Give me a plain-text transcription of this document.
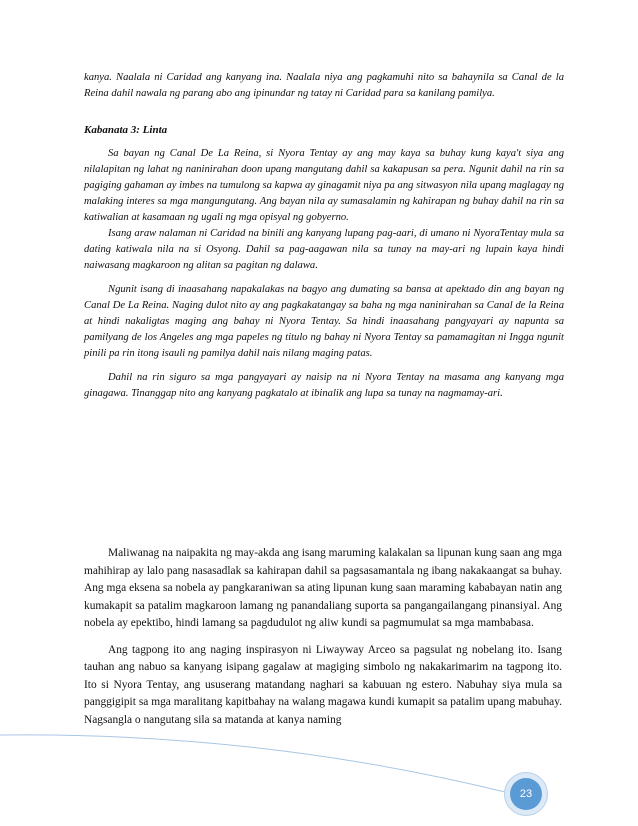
kanya. Naalala ni Caridad ang kanyang ina. Naalala niya ang pagkamuhi nito sa bahaynila sa Canal de la Reina dahil nawala ng parang abo ang ipinundar ng tatay ni Caridad para sa kanilang pamilya.

Kabanata 3: Linta

Sa bayan ng Canal De La Reina, si Nyora Tentay ay ang may kaya sa buhay kung kaya't siya ang nilalapitan ng lahat ng naninirahan doon upang mangutang dahil sa kakapusan sa pera. Ngunit dahil na rin sa pagiging gahaman ay imbes na tumulong sa kapwa ay ginagamit niya pa ang sitwasyon nila upang maglagay ng malaking interes sa mga mangungutang. Ang bayan nila ay sumasalamin ng kahirapan ng buhay dahil na rin sa katiwalian at kasamaan ng ugali ng mga opisyal ng gobyerno.

Isang araw nalaman ni Caridad na binili ang kanyang lupang pag-aari, di umano ni NyoraTentay mula sa dating katiwala nila na si Osyong. Dahil sa pag-aagawan nila sa tunay na may-ari ng lupain kaya hindi naiwasang magkaroon ng alitan sa pagitan ng dalawa.

Ngunit isang di inaasahang napakalakas na bagyo ang dumating sa bansa at apektado din ang bayan ng Canal De La Reina. Naging dulot nito ay ang pagkakatangay sa baha ng mga naninirahan sa Canal de la Reina at hindi nakaligtas maging ang bahay ni Nyora Tentay. Sa hindi inaasahang pangyayari ay napunta sa pamilyang de los Angeles ang mga papeles ng titulo ng bahay ni Nyora Tentay sa pamamagitan ni Ingga ngunit pinili pa rin itong isauli ng pamilya dahil nais nilang maging patas.

Dahil na rin siguro sa mga pangyayari ay naisip na ni Nyora Tentay na masama ang kanyang mga ginagawa. Tinanggap nito ang kanyang pagkatalo at ibinalik ang lupa sa tunay na nagmamay-ari.

Maliwanag na naipakita ng may-akda ang isang maruming kalakalan sa lipunan kung saan ang mga mahihirap ay lalo pang nasasadlak sa kahirapan dahil sa pagsasamantala ng ibang nakakaangat sa buhay. Ang mga eksena sa nobela ay pangkaraniwan sa ating lipunan kung saan maraming kababayan natin ang kumakapit sa patalim magkaroon lamang ng panandaliang suporta sa pangangailangang pinansiyal. Ang nobela ay epektibo, hindi lamang sa pagdudulot ng aliw kundi sa pagmumulat sa mga mambabasa.

Ang tagpong ito ang naging inspirasyon ni Liwayway Arceo sa pagsulat ng nobelang ito. Isang tauhan ang nabuo sa kanyang isipang gagalaw at magiging simbolo ng nakakarimarim na tagpong ito. Ito si Nyora Tentay, ang ususerang matandang naghari sa kabuuan ng estero. Nabuhay siya mula sa panggigipit sa mga maralitang kapitbahay na walang magawa kundi kumapit sa patalim upang mabuhay. Nagsangla o nangutang sila sa matanda at kanya naming

23
